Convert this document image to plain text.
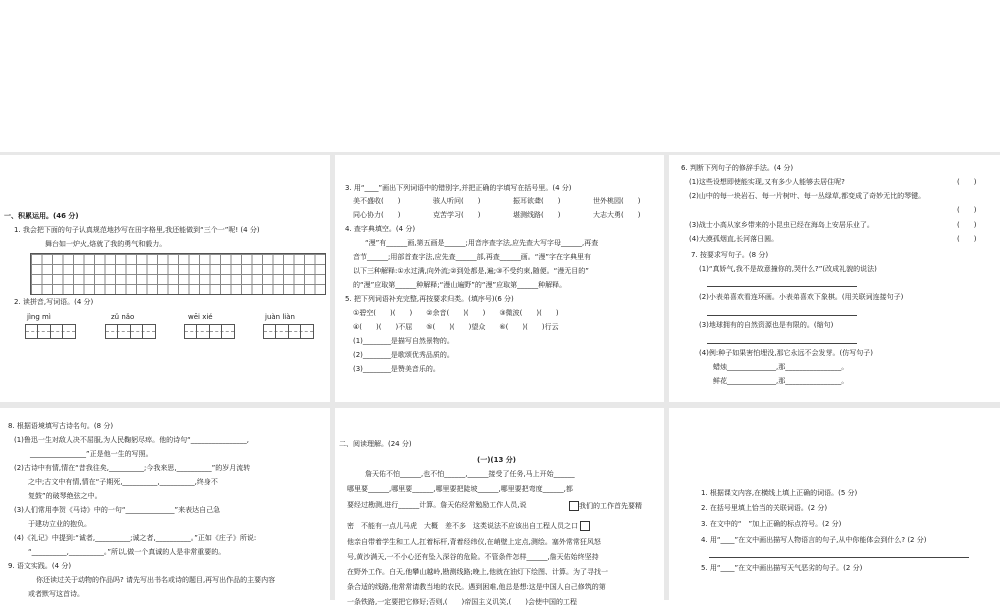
一、积累运用。(46 分)
1. 我会把下面的句子认真规范地抄写在田字格里,我还能做到“三个一”呢! (4 分)
舞台如一炉火,烙就了我的勇气和毅力。
2. 读拼音,写词语。(4 分)
jìng mì	zǔ nǎo	wēi xié	juàn liàn
3. 用“____”画出下列词语中的错别字,并把正确的字填写在括号里。(4 分)
美不盛收(　　)	骇人听问(　　)	振耳欲聋(　　)	世外桃园(　　)
同心协力(　　)	克苦学习(　　)	堪测线路(　　)	大志大勇(　　)
4. 查字典填空。(4 分)
“漫”有______画,第五画是______;用音序查字法,应先查大写字母______,再查
音节______;用部首查字法,应先查______部,再查______画。“漫”字在字典里有
以下三种解释:①水过满,向外流;②到处都是,遍;③不受约束,随便。“漫无目的”
的“漫”应取第______种解释;“漫山遍野”的“漫”应取第______种解释。
5. 把下列词语补充完整,再按要求归类。(填序号)(6 分)
①碧空(　　)(　　)　　②余音(　　)(　　)　　③微波(　　)(　　)
④(　　)(　　)不屈　　⑤(　　)(　　)望众　　⑥(　　)(　　)行云
(1)________是描写自然景物的。
(2)________是歌颂优秀品质的。
(3)________是赞美音乐的。
6. 判断下列句子的修辞手法。(4 分)
(1)这些设想即使能实现,又有多少人能够去居住呢?	(　　)
(2)山中的每一块岩石、每一片树叶、每一丛绿草,都变成了奇妙无比的琴键。
(　　)
(3)战士小高从家乡带来的小昆虫已经在海岛上安居乐业了。	(　　)
(4)大漠孤烟直,长河落日圆。	(　　)
7. 按要求写句子。(8 分)
(1)“真娇气,我不是故意撞你的,哭什么?”(改成礼貌的说法)
(2)小表弟喜欢看连环画。小表弟喜欢下象棋。(用关联词连接句子)
(3)地球拥有的自然资源也是有限的。(缩句)
(4)例:种子如果害怕埋没,那它永远不会发芽。(仿写句子)
蜡烛______________,那________________。
鲜花______________,那________________。
8. 根据语境填写古诗名句。(8 分)
(1)鲁迅一生对敌人决不屈服,为人民鞠躬尽瘁。他的诗句“________________,
________________”正是他一生的写照。
(2)古诗中有情,情在“昔我往矣,__________;今我来思,__________”的岁月流转
之中;古文中有情,情在“子期死,__________,__________,终身不
复鼓”的破琴绝弦之中。
(3)人们常用李贺《马诗》中的一句“______________”来表达自己急
于建功立业的抱负。
(4)《礼记》中提到:“诚者,__________;诚之者,__________。”正如《庄子》所说:
“__________,__________。”所以,做一个真诚的人是非常重要的。
9. 语文实践。(4 分)
你还读过关于动物的作品吗? 请先写出书名或诗的题目,再写出作品的主要内容
或者默写这首诗。
二、阅读理解。(24 分)
(一)(13 分)
詹天佑不怕______,也不怕______,______接受了任务,马上开始______
哪里要______,哪里要______,哪里要把陡坡______,哪里要把弯度______,都
要经过勘测,进行______计算。詹天佑经常勉励工作人员,说	我们的工作首先要精
密　不能有一点儿马虎　大概　差不多　这类说法不应该出自工程人员之口
他亲自带着学生和工人,扛着标杆,背着经纬仪,在峭壁上定点,测绘。塞外常常狂风怒
号,黄沙满天,一不小心还有坠入深谷的危险。不管条件怎样______,詹天佑始终坚持
在野外工作。白天,他攀山越岭,勘测线路;晚上,他就在油灯下绘图、计算。为了寻找一
条合适的线路,他常常请教当地的农民。遇到困难,他总是想:这是中国人自己修筑的第
一条铁路,一定要把它修好;否则,(　　)帝国主义讥笑,(　　)会使中国的工程
1. 根据课文内容,在横线上填上正确的词语。(5 分)
2. 在括号里填上恰当的关联词语。(2 分)
3. 在文中的“　”加上正确的标点符号。(2 分)
4. 用“____”在文中画出描写人物语言的句子,从中你能体会到什么? (2 分)
5. 用“____”在文中画出描写天气恶劣的句子。(2 分)
